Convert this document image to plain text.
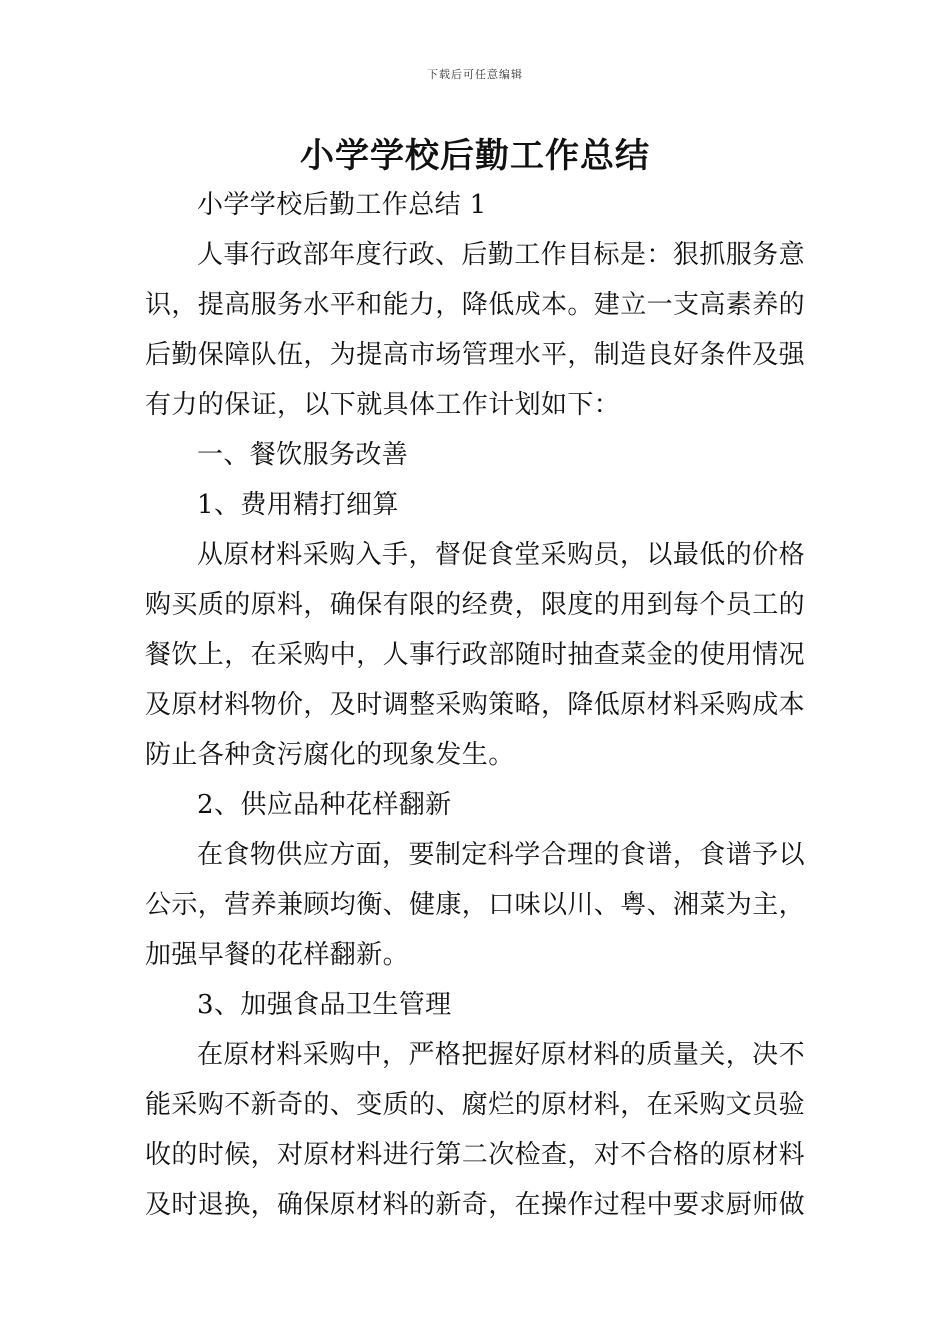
下载后可任意编辑
小学学校后勤工作总结

小学学校后勤工作总结 1

人事行政部年度行政、后勤工作目标是：狠抓服务意识，提高服务水平和能力，降低成本。建立一支高素养的后勤保障队伍，为提高市场管理水平，制造良好条件及强有力的保证，以下就具体工作计划如下：

一、餐饮服务改善

1、费用精打细算

从原材料采购入手，督促食堂采购员，以最低的价格购买质的原料，确保有限的经费，限度的用到每个员工的餐饮上，在采购中，人事行政部随时抽查菜金的使用情况及原材料物价，及时调整采购策略，降低原材料采购成本防止各种贪污腐化的现象发生。

2、供应品种花样翻新

在食物供应方面，要制定科学合理的食谱，食谱予以公示，营养兼顾均衡、健康，口味以川、粤、湘菜为主，加强早餐的花样翻新。

3、加强食品卫生管理

在原材料采购中，严格把握好原材料的质量关，决不能采购不新奇的、变质的、腐烂的原材料，在采购文员验收的时候，对原材料进行第二次检查，对不合格的原材料及时退换，确保原材料的新奇，在操作过程中要求厨师做
